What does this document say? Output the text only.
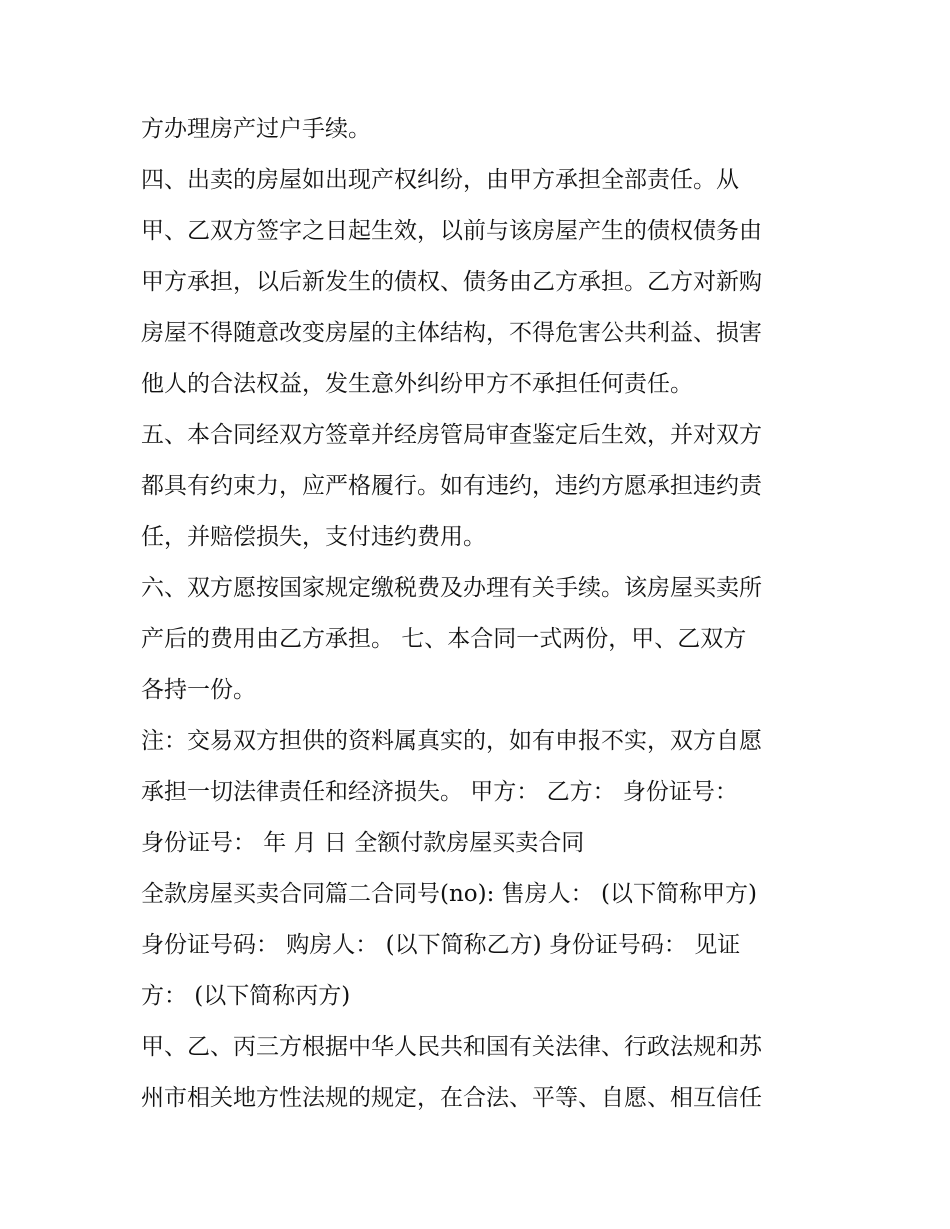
方办理房产过户手续。
四、出卖的房屋如出现产权纠纷，由甲方承担全部责任。从
甲、乙双方签字之日起生效，以前与该房屋产生的债权债务由
甲方承担，以后新发生的债权、债务由乙方承担。乙方对新购
房屋不得随意改变房屋的主体结构，不得危害公共利益、损害
他人的合法权益，发生意外纠纷甲方不承担任何责任。
五、本合同经双方签章并经房管局审查鉴定后生效，并对双方
都具有约束力，应严格履行。如有违约，违约方愿承担违约责
任，并赔偿损失，支付违约费用。
六、双方愿按国家规定缴税费及办理有关手续。该房屋买卖所
产后的费用由乙方承担。 七、本合同一式两份，甲、乙双方
各持一份。
注：交易双方担供的资料属真实的，如有申报不实，双方自愿
承担一切法律责任和经济损失。 甲方： 乙方： 身份证号：
身份证号： 年 月 日 全额付款房屋买卖合同
全款房屋买卖合同篇二合同号(no): 售房人： (以下简称甲方)
身份证号码： 购房人： (以下简称乙方) 身份证号码： 见证
方： (以下简称丙方)
甲、乙、丙三方根据中华人民共和国有关法律、行政法规和苏
州市相关地方性法规的规定，在合法、平等、自愿、相互信任
